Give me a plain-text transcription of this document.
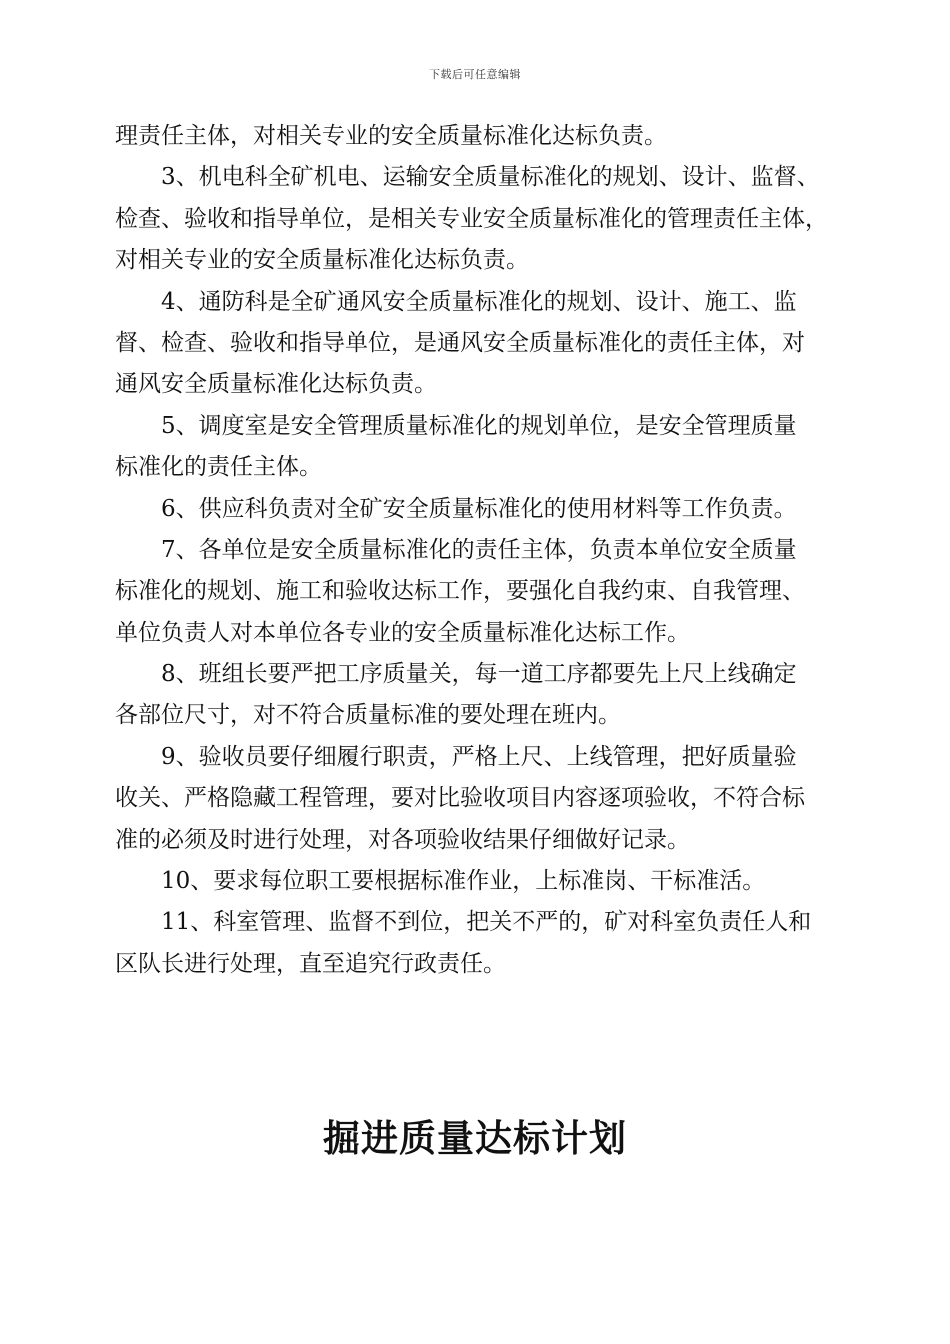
下载后可任意编辑
理责任主体，对相关专业的安全质量标准化达标负责。
3、机电科全矿机电、运输安全质量标准化的规划、设计、监督、
检查、验收和指导单位，是相关专业安全质量标准化的管理责任主体，
对相关专业的安全质量标准化达标负责。
4、通防科是全矿通风安全质量标准化的规划、设计、施工、监
督、检查、验收和指导单位，是通风安全质量标准化的责任主体，对
通风安全质量标准化达标负责。
5、调度室是安全管理质量标准化的规划单位，是安全管理质量
标准化的责任主体。
6、供应科负责对全矿安全质量标准化的使用材料等工作负责。
7、各单位是安全质量标准化的责任主体，负责本单位安全质量
标准化的规划、施工和验收达标工作，要强化自我约束、自我管理、
单位负责人对本单位各专业的安全质量标准化达标工作。
8、班组长要严把工序质量关，每一道工序都要先上尺上线确定
各部位尺寸，对不符合质量标准的要处理在班内。
9、验收员要仔细履行职责，严格上尺、上线管理，把好质量验
收关、严格隐藏工程管理，要对比验收项目内容逐项验收，不符合标
准的必须及时进行处理，对各项验收结果仔细做好记录。
10、要求每位职工要根据标准作业，上标准岗、干标准活。
11、科室管理、监督不到位，把关不严的，矿对科室负责任人和
区队长进行处理，直至追究行政责任。
掘进质量达标计划
